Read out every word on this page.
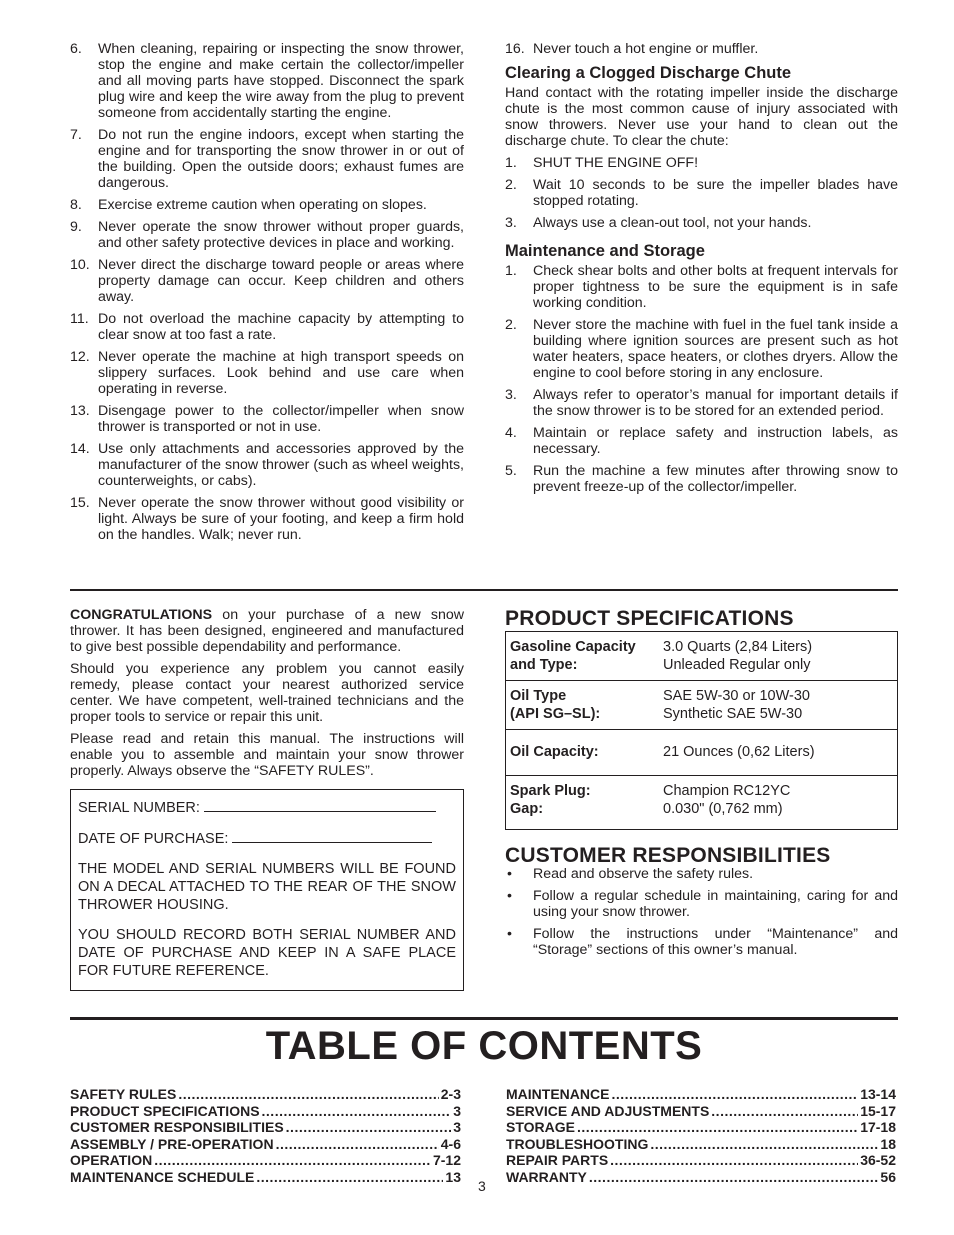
6. When cleaning, repairing or inspecting the snow thrower, stop the engine and make certain the collector/impeller and all moving parts have stopped. Disconnect the spark plug wire and keep the wire away from the plug to prevent someone from accidentally starting the engine.
7. Do not run the engine indoors, except when starting the engine and for transporting the snow thrower in or out of the building. Open the outside doors; exhaust fumes are dangerous.
8. Exercise extreme caution when operating on slopes.
9. Never operate the snow thrower without proper guards, and other safety protective devices in place and working.
10. Never direct the discharge toward people or areas where property damage can occur. Keep children and others away.
11. Do not overload the machine capacity by attempting to clear snow at too fast a rate.
12. Never operate the machine at high transport speeds on slippery surfaces. Look behind and use care when operating in reverse.
13. Disengage power to the collector/impeller when snow thrower is transported or not in use.
14. Use only attachments and accessories approved by the manufacturer of the snow thrower (such as wheel weights, counterweights, or cabs).
15. Never operate the snow thrower without good visibility or light. Always be sure of your footing, and keep a firm hold on the handles. Walk; never run.
16. Never touch a hot engine or muffler.
Clearing a Clogged Discharge Chute

Hand contact with the rotating impeller inside the discharge chute is the most common cause of injury associated with snow throwers. Never use your hand to clean out the discharge chute. To clear the chute:

1. SHUT THE ENGINE OFF!
2. Wait 10 seconds to be sure the impeller blades have stopped rotating.
3. Always use a clean-out tool, not your hands.
Maintenance and Storage
1. Check shear bolts and other bolts at frequent intervals for proper tightness to be sure the equipment is in safe working condition.
2. Never store the machine with fuel in the fuel tank inside a building where ignition sources are present such as hot water heaters, space heaters, or clothes dryers. Allow the engine to cool before storing in any enclosure.
3. Always refer to operator’s manual for important details if the snow thrower is to be stored for an extended period.
4. Maintain or replace safety and instruction labels, as necessary.
5. Run the machine a few minutes after throwing snow to prevent freeze-up of the collector/impeller.

CONGRATULATIONS on your purchase of a new snow thrower. It has been designed, engineered and manufactured to give best possible dependability and performance.

Should you experience any problem you cannot easily remedy, please contact your nearest authorized service center. We have competent, well-trained technicians and the proper tools to service or repair this unit.

Please read and retain this manual. The instructions will enable you to assemble and maintain your snow thrower properly. Always observe the “SAFETY RULES”.

SERIAL NUMBER:

DATE OF PURCHASE:

THE MODEL AND SERIAL NUMBERS WILL BE FOUND ON A DECAL ATTACHED TO THE REAR OF THE SNOW THROWER HOUSING.

YOU SHOULD RECORD BOTH SERIAL NUMBER AND DATE OF PURCHASE AND KEEP IN A SAFE PLACE FOR FUTURE REFERENCE.

PRODUCT SPECIFICATIONS
Gasoline Capacity
and Type:	3.0 Quarts (2,84 Liters)
Unleaded Regular only
Oil Type
(API SG–SL):	SAE 5W-30 or 10W-30
Synthetic SAE 5W-30
Oil Capacity:	21 Ounces (0,62 Liters)
Spark Plug:
Gap:	Champion RC12YC
0.030" (0,762 mm)
CUSTOMER RESPONSIBILITIES
• Read and observe the safety rules.
• Follow a regular schedule in maintaining, caring for and using your snow thrower.
• Follow the instructions under “Maintenance” and “Storage” sections of this owner’s manual.
TABLE OF CONTENTS
SAFETY RULES .....	2-3
PRODUCT SPECIFICATIONS .....	3
CUSTOMER RESPONSIBILITIES .....	3
ASSEMBLY / PRE-OPERATION .....	4-6
OPERATION .....	7-12
MAINTENANCE SCHEDULE .....	13
MAINTENANCE .....	13-14
SERVICE AND ADJUSTMENTS .....	15-17
STORAGE .....	17-18
TROUBLESHOOTING .....	18
REPAIR PARTS .....	36-52
WARRANTY .....	56
3
